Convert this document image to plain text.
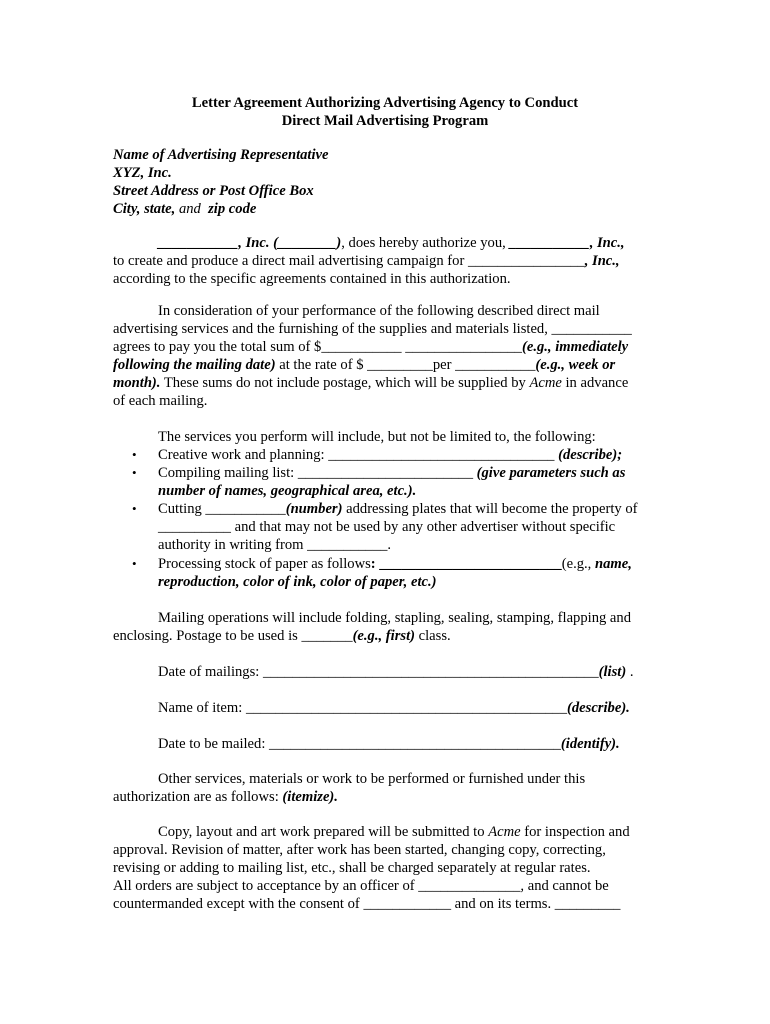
Letter Agreement Authorizing Advertising Agency to Conduct
Direct Mail Advertising Program
Name of Advertising Representative
XYZ, Inc.
Street Address or Post Office Box
City, state, and  zip code
___________, Inc. (________), does hereby authorize you, ___________, Inc.,
to create and produce a direct mail advertising campaign for ________________, Inc.,
according to the specific agreements contained in this authorization.
In consideration of your performance of the following described direct mail
advertising services and the furnishing of the supplies and materials listed, ___________
agrees to pay you the total sum of $___________ ________________(e.g., immediately
following the mailing date) at the rate of $ _________per ___________(e.g., week or
month). These sums do not include postage, which will be supplied by Acme in advance
of each mailing.
The services you perform will include, but not be limited to, the following:
• Creative work and planning: _______________________________ (describe);
• Compiling mailing list: ________________________ (give parameters such as
number of names, geographical area, etc.).
• Cutting ___________(number) addressing plates that will become the property of
__________ and that may not be used by any other advertiser without specific
authority in writing from ___________.
• Processing stock of paper as follows: _________________________(e.g., name,
reproduction, color of ink, color of paper, etc.)
Mailing operations will include folding, stapling, sealing, stamping, flapping and
enclosing. Postage to be used is _______(e.g., first) class.
Date of mailings: ______________________________________________(list) .
Name of item: ____________________________________________(describe).
Date to be mailed: ________________________________________(identify).
Other services, materials or work to be performed or furnished under this
authorization are as follows: (itemize).
Copy, layout and art work prepared will be submitted to Acme for inspection and
approval. Revision of matter, after work has been started, changing copy, correcting,
revising or adding to mailing list, etc., shall be charged separately at regular rates.
All orders are subject to acceptance by an officer of ______________, and cannot be
countermanded except with the consent of ____________ and on its terms. _________
